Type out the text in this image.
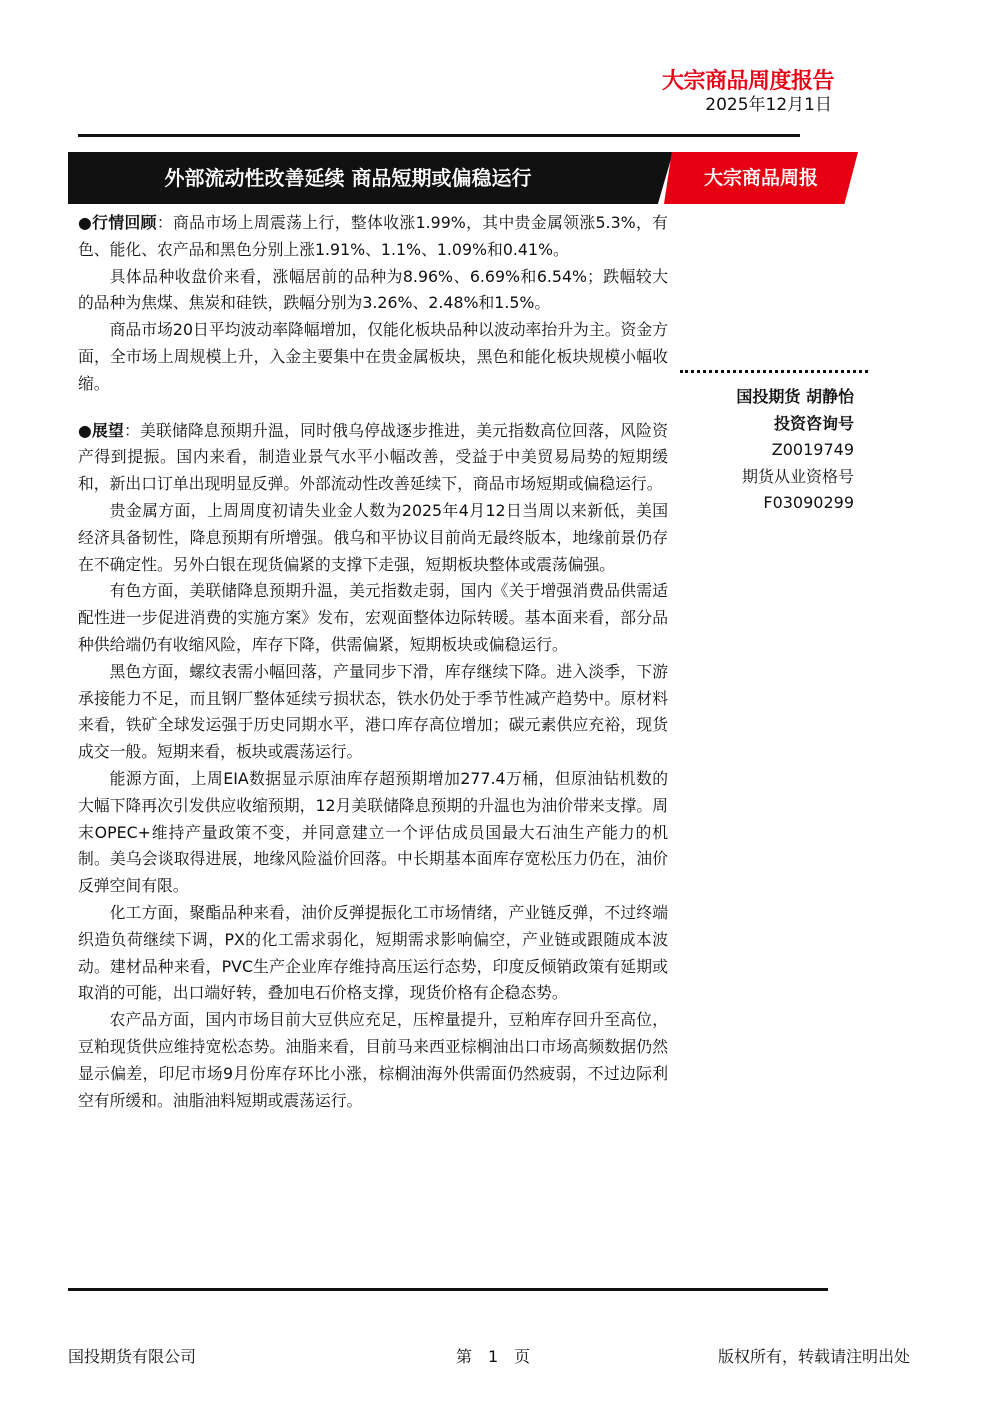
大宗商品周度报告
2025年12月1日
外部流动性改善延续 商品短期或偏稳运行	大宗商品周报

●行情回顾：商品市场上周震荡上行，整体收涨1.99%，其中贵金属领涨5.3%，有色、能化、农产品和黑色分别上涨1.91%、1.1%、1.09%和0.41%。

具体品种收盘价来看，涨幅居前的品种为8.96%、6.69%和6.54%；跌幅较大的品种为焦煤、焦炭和硅铁，跌幅分别为3.26%、2.48%和1.5%。

商品市场20日平均波动率降幅增加，仅能化板块品种以波动率抬升为主。资金方面，全市场上周规模上升，入金主要集中在贵金属板块，黑色和能化板块规模小幅收缩。

●展望：美联储降息预期升温，同时俄乌停战逐步推进，美元指数高位回落，风险资产得到提振。国内来看，制造业景气水平小幅改善，受益于中美贸易局势的短期缓和，新出口订单出现明显反弹。外部流动性改善延续下，商品市场短期或偏稳运行。

贵金属方面，上周周度初请失业金人数为2025年4月12日当周以来新低，美国经济具备韧性，降息预期有所增强。俄乌和平协议目前尚无最终版本，地缘前景仍存在不确定性。另外白银在现货偏紧的支撑下走强，短期板块整体或震荡偏强。

有色方面，美联储降息预期升温，美元指数走弱，国内《关于增强消费品供需适配性进一步促进消费的实施方案》发布，宏观面整体边际转暖。基本面来看，部分品种供给端仍有收缩风险，库存下降，供需偏紧，短期板块或偏稳运行。

黑色方面，螺纹表需小幅回落，产量同步下滑，库存继续下降。进入淡季，下游承接能力不足，而且钢厂整体延续亏损状态，铁水仍处于季节性减产趋势中。原材料来看，铁矿全球发运强于历史同期水平，港口库存高位增加；碳元素供应充裕，现货成交一般。短期来看，板块或震荡运行。

能源方面，上周EIA数据显示原油库存超预期增加277.4万桶，但原油钻机数的大幅下降再次引发供应收缩预期，12月美联储降息预期的升温也为油价带来支撑。周末OPEC+维持产量政策不变，并同意建立一个评估成员国最大石油生产能力的机制。美乌会谈取得进展，地缘风险溢价回落。中长期基本面库存宽松压力仍在，油价反弹空间有限。

化工方面，聚酯品种来看，油价反弹提振化工市场情绪，产业链反弹，不过终端织造负荷继续下调，PX的化工需求弱化，短期需求影响偏空，产业链或跟随成本波动。建材品种来看，PVC生产企业库存维持高压运行态势，印度反倾销政策有延期或取消的可能，出口端好转，叠加电石价格支撑，现货价格有企稳态势。

农产品方面，国内市场目前大豆供应充足，压榨量提升，豆粕库存回升至高位，豆粕现货供应维持宽松态势。油脂来看，目前马来西亚棕榈油出口市场高频数据仍然显示偏差，印尼市场9月份库存环比小涨，棕榈油海外供需面仍然疲弱，不过边际利空有所缓和。油脂油料短期或震荡运行。

国投期货 胡静怡
投资咨询号
Z0019749
期货从业资格号
F03090299
国投期货有限公司	第　1　页	版权所有，转载请注明出处
